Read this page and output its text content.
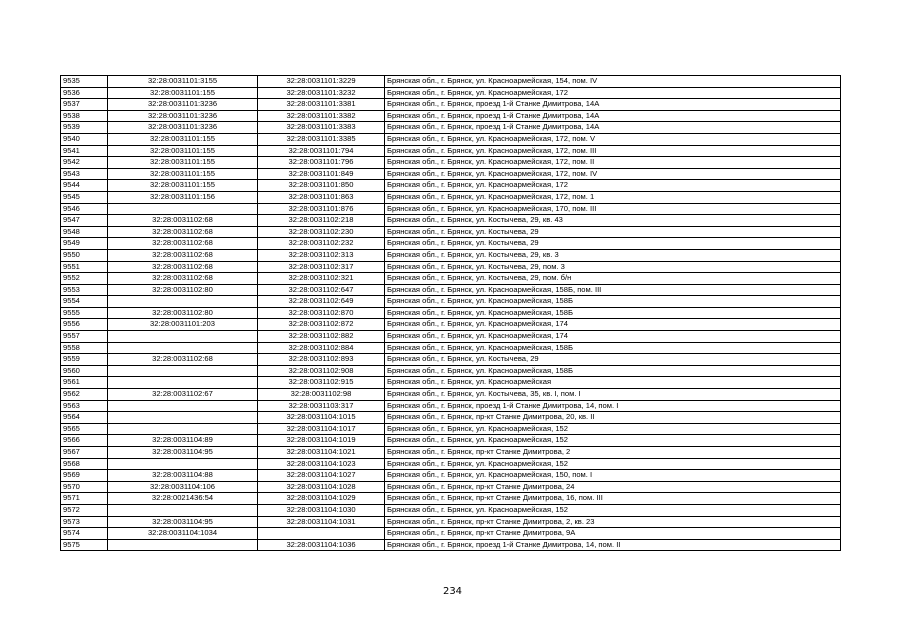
9535	32:28:0031101:3155	32:28:0031101:3229	Брянская обл., г. Брянск, ул. Красноармейская, 154, пом. IV
9536	32:28:0031101:155	32:28:0031101:3232	Брянская обл., г. Брянск, ул. Красноармейская, 172
9537	32:28:0031101:3236	32:28:0031101:3381	Брянская обл., г. Брянск, проезд 1-й Станке Димитрова, 14А
9538	32:28:0031101:3236	32:28:0031101:3382	Брянская обл., г. Брянск, проезд 1-й Станке Димитрова, 14А
9539	32:28:0031101:3236	32:28:0031101:3383	Брянская обл., г. Брянск, проезд 1-й Станке Димитрова, 14А
9540	32:28:0031101:155	32:28:0031101:3385	Брянская обл., г. Брянск, ул. Красноармейская, 172, пом. V
9541	32:28:0031101:155	32:28:0031101:794	Брянская обл., г. Брянск, ул. Красноармейская, 172, пом. III
9542	32:28:0031101:155	32:28:0031101:796	Брянская обл., г. Брянск, ул. Красноармейская, 172, пом. II
9543	32:28:0031101:155	32:28:0031101:849	Брянская обл., г. Брянск, ул. Красноармейская, 172, пом. IV
9544	32:28:0031101:155	32:28:0031101:850	Брянская обл., г. Брянск, ул. Красноармейская, 172
9545	32:28:0031101:156	32:28:0031101:863	Брянская обл., г. Брянск, ул. Красноармейская, 172, пом. 1
9546		32:28:0031101:876	Брянская обл., г. Брянск, ул. Красноармейская, 170, пом. III
9547	32:28:0031102:68	32:28:0031102:218	Брянская обл., г. Брянск, ул. Костычева, 29, кв. 43
9548	32:28:0031102:68	32:28:0031102:230	Брянская обл., г. Брянск, ул. Костычева, 29
9549	32:28:0031102:68	32:28:0031102:232	Брянская обл., г. Брянск, ул. Костычева, 29
9550	32:28:0031102:68	32:28:0031102:313	Брянская обл., г. Брянск, ул. Костычева, 29, кв. 3
9551	32:28:0031102:68	32:28:0031102:317	Брянская обл., г. Брянск, ул. Костычева, 29, пом. 3
9552	32:28:0031102:68	32:28:0031102:321	Брянская обл., г. Брянск, ул. Костычева, 29, пом. б/н
9553	32:28:0031102:80	32:28:0031102:647	Брянская обл., г. Брянск, ул. Красноармейская, 158Б, пом. III
9554		32:28:0031102:649	Брянская обл., г. Брянск, ул. Красноармейская, 158Б
9555	32:28:0031102:80	32:28:0031102:870	Брянская обл., г. Брянск, ул. Красноармейская, 158Б
9556	32:28:0031101:203	32:28:0031102:872	Брянская обл., г. Брянск, ул. Красноармейская, 174
9557		32:28:0031102:882	Брянская обл., г. Брянск, ул. Красноармейская, 174
9558		32:28:0031102:884	Брянская обл., г. Брянск, ул. Красноармейская, 158Б
9559	32:28:0031102:68	32:28:0031102:893	Брянская обл., г. Брянск, ул. Костычева, 29
9560		32:28:0031102:908	Брянская обл., г. Брянск, ул. Красноармейская, 158Б
9561		32:28:0031102:915	Брянская обл., г. Брянск, ул. Красноармейская
9562	32:28:0031102:67	32:28:0031102:98	Брянская обл., г. Брянск, ул. Костычева, 35, кв. I, пом. I
9563		32:28:0031103:317	Брянская обл., г. Брянск, проезд 1-й Станке Димитрова, 14, пом. I
9564		32:28:0031104:1015	Брянская обл., г. Брянск, пр-кт Станке Димитрова, 20, кв. II
9565		32:28:0031104:1017	Брянская обл., г. Брянск, ул. Красноармейская, 152
9566	32:28:0031104:89	32:28:0031104:1019	Брянская обл., г. Брянск, ул. Красноармейская, 152
9567	32:28:0031104:95	32:28:0031104:1021	Брянская обл., г. Брянск, пр-кт Станке Димитрова, 2
9568		32:28:0031104:1023	Брянская обл., г. Брянск, ул. Красноармейская, 152
9569	32:28:0031104:88	32:28:0031104:1027	Брянская обл., г. Брянск, ул. Красноармейская, 150, пом. I
9570	32:28:0031104:106	32:28:0031104:1028	Брянская обл., г. Брянск, пр-кт Станке Димитрова, 24
9571	32:28:0021436:54	32:28:0031104:1029	Брянская обл., г. Брянск, пр-кт Станке Димитрова, 16, пом. III
9572		32:28:0031104:1030	Брянская обл., г. Брянск, ул. Красноармейская, 152
9573	32:28:0031104:95	32:28:0031104:1031	Брянская обл., г. Брянск, пр-кт Станке Димитрова, 2, кв. 23
9574	32:28:0031104:1034		Брянская обл., г. Брянск, пр-кт Станке Димитрова, 9А
9575		32:28:0031104:1036	Брянская обл., г. Брянск, проезд 1-й Станке Димитрова, 14, пом. II
234
